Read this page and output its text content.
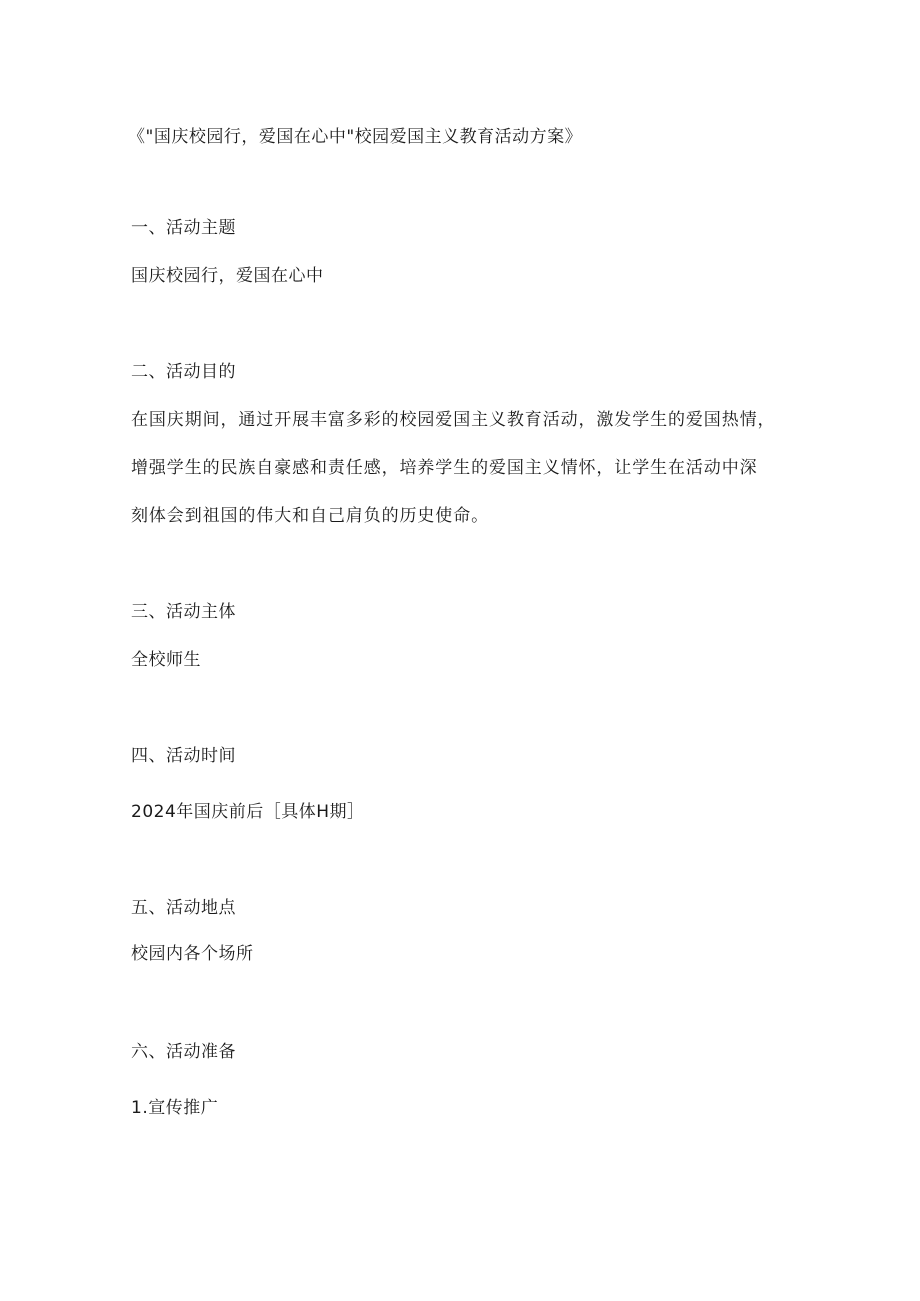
《"国庆校园行，爱国在心中"校园爱国主义教育活动方案》
一、活动主题
国庆校园行，爱国在心中
二、活动目的
在国庆期间，通过开展丰富多彩的校园爱国主义教育活动，激发学生的爱国热情，
增强学生的民族自豪感和责任感，培养学生的爱国主义情怀，让学生在活动中深
刻体会到祖国的伟大和自己肩负的历史使命。
三、活动主体
全校师生
四、活动时间
2024年国庆前后［具体H期］
五、活动地点
校园内各个场所
六、活动准备
1.宣传推广
